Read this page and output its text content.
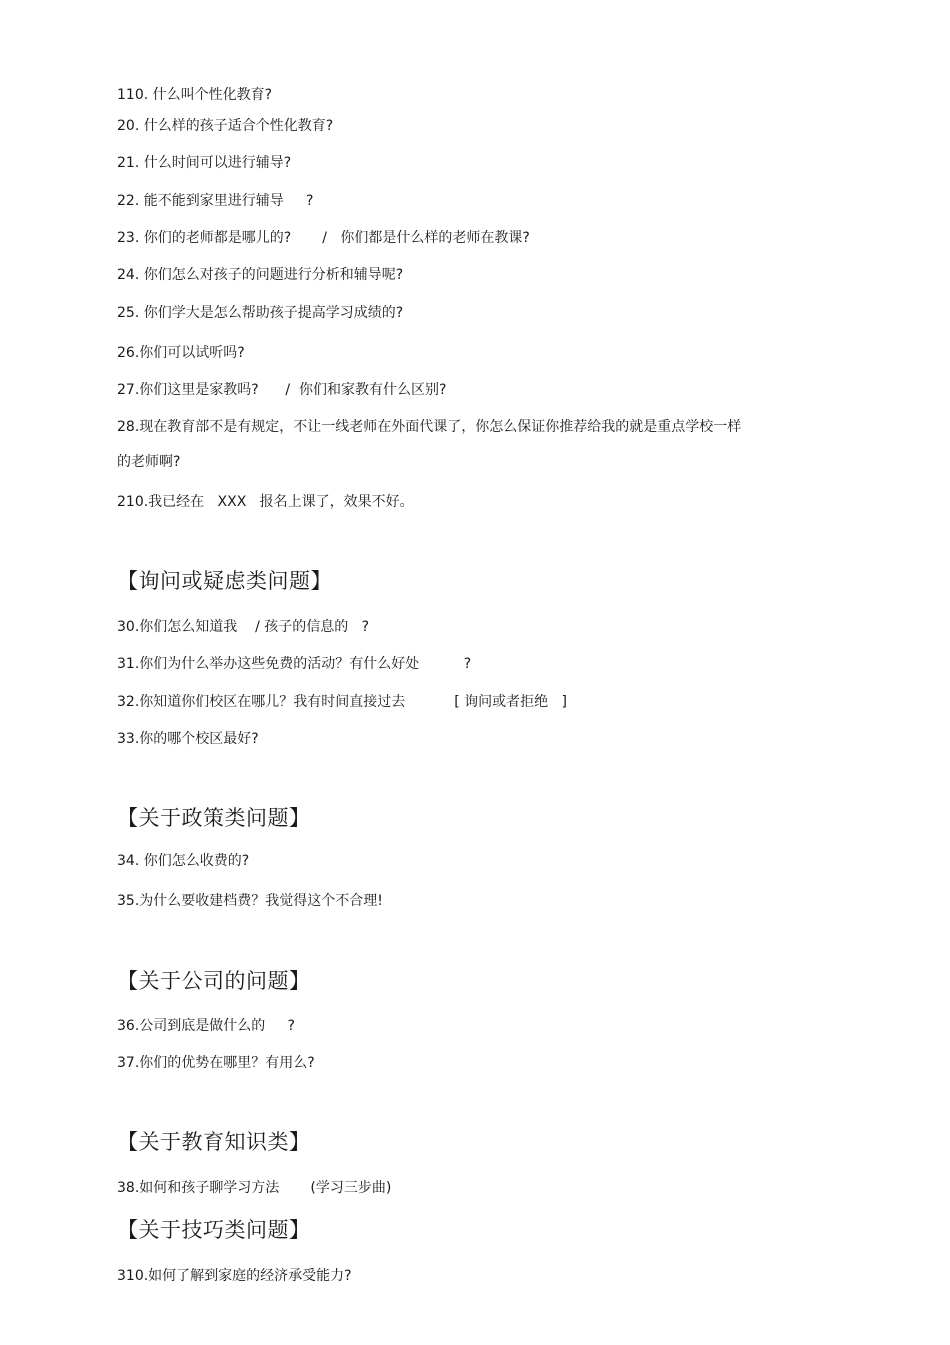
110. 什么叫个性化教育?
20. 什么样的孩子适合个性化教育?
21. 什么时间可以进行辅导?
22. 能不能到家里进行辅导     ?
23. 你们的老师都是哪儿的?       /   你们都是什么样的老师在教课?
24. 你们怎么对孩子的问题进行分析和辅导呢?
25. 你们学大是怎么帮助孩子提高学习成绩的?
26.你们可以试听吗?
27.你们这里是家教吗?      /  你们和家教有什么区别?
28.现在教育部不是有规定，不让一线老师在外面代课了，你怎么保证你推荐给我的就是重点学校一样
的老师啊?
210.我已经在   XXX   报名上课了，效果不好。
【询问或疑虑类问题】
30.你们怎么知道我    / 孩子的信息的   ?
31.你们为什么举办这些免费的活动？有什么好处          ?
32.你知道你们校区在哪儿？我有时间直接过去           [ 询问或者拒绝   ]
33.你的哪个校区最好?
【关于政策类问题】
34. 你们怎么收费的?
35.为什么要收建档费？我觉得这个不合理!
【关于公司的问题】
36.公司到底是做什么的     ?
37.你们的优势在哪里？有用么?
【关于教育知识类】
38.如何和孩子聊学习方法       (学习三步曲)
【关于技巧类问题】
310.如何了解到家庭的经济承受能力?
